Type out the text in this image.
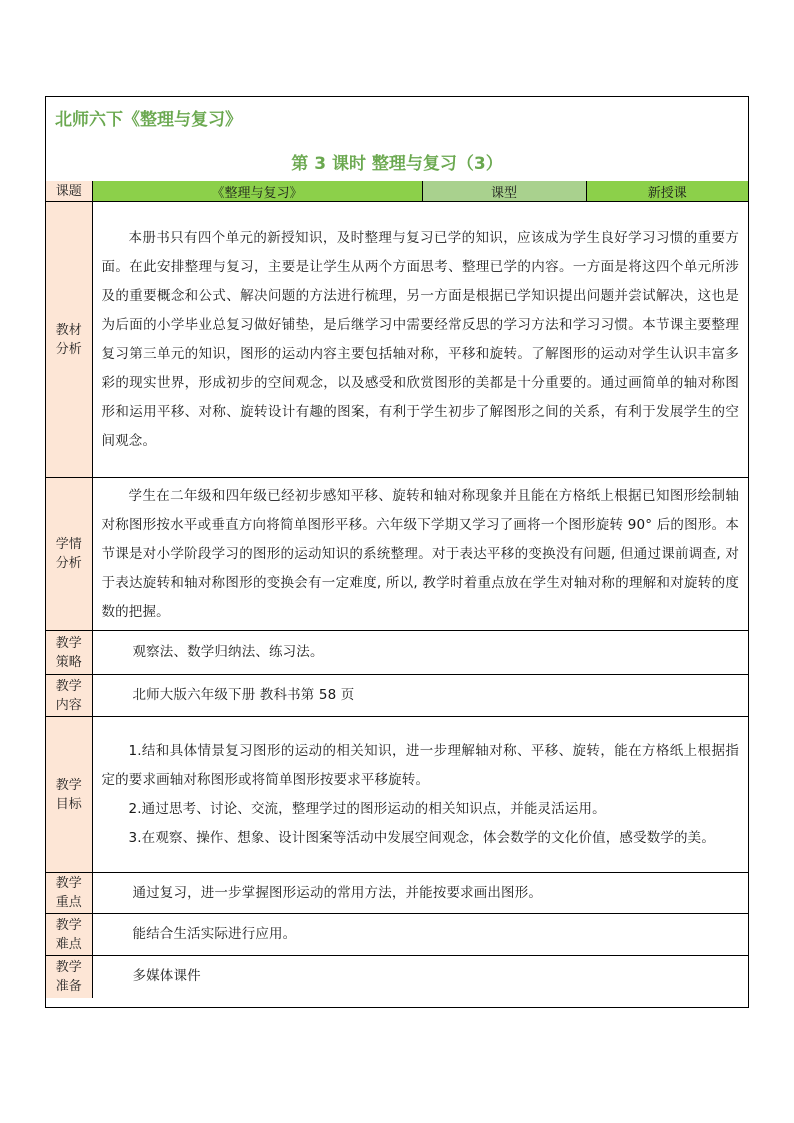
北师六下《整理与复习》
第 3 课时 整理与复习（3）
课题	《整理与复习》	课型	新授课
教材分析	本册书只有四个单元的新授知识，及时整理与复习已学的知识，应该成为学生良好学习习惯的重要方面。在此安排整理与复习，主要是让学生从两个方面思考、整理已学的内容。一方面是将这四个单元所涉及的重要概念和公式、解决问题的方法进行梳理，另一方面是根据已学知识提出问题并尝试解决，这也是为后面的小学毕业总复习做好铺垫，是后继学习中需要经常反思的学习方法和学习习惯。本节课主要整理复习第三单元的知识，图形的运动内容主要包括轴对称，平移和旋转。了解图形的运动对学生认识丰富多彩的现实世界，形成初步的空间观念，以及感受和欣赏图形的美都是十分重要的。通过画简单的轴对称图形和运用平移、对称、旋转设计有趣的图案，有利于学生初步了解图形之间的关系，有利于发展学生的空间观念。		

学情分析	学生在二年级和四年级已经初步感知平移、旋转和轴对称现象并且能在方格纸上根据已知图形绘制轴对称图形按水平或垂直方向将简单图形平移。六年级下学期又学习了画将一个图形旋转 90° 后的图形。本节课是对小学阶段学习的图形的运动知识的系统整理。对于表达平移的变换没有问题, 但通过课前调查, 对于表达旋转和轴对称图形的变换会有一定难度, 所以, 教学时着重点放在学生对轴对称的理解和对旋转的度数的把握。		

教学策略	观察法、数学归纳法、练习法。		
教学内容	北师大版六年级下册 教科书第 58 页		
教学目标	1.结和具体情景复习图形的运动的相关知识，进一步理解轴对称、平移、旋转，能在方格纸上根据指定的要求画轴对称图形或将简单图形按要求平移旋转。

2.通过思考、讨论、交流，整理学过的图形运动的相关知识点，并能灵活运用。

3.在观察、操作、想象、设计图案等活动中发展空间观念，体会数学的文化价值，感受数学的美。		

教学重点	通过复习，进一步掌握图形运动的常用方法，并能按要求画出图形。		
教学难点	能结合生活实际进行应用。		
教学准备	多媒体课件		
